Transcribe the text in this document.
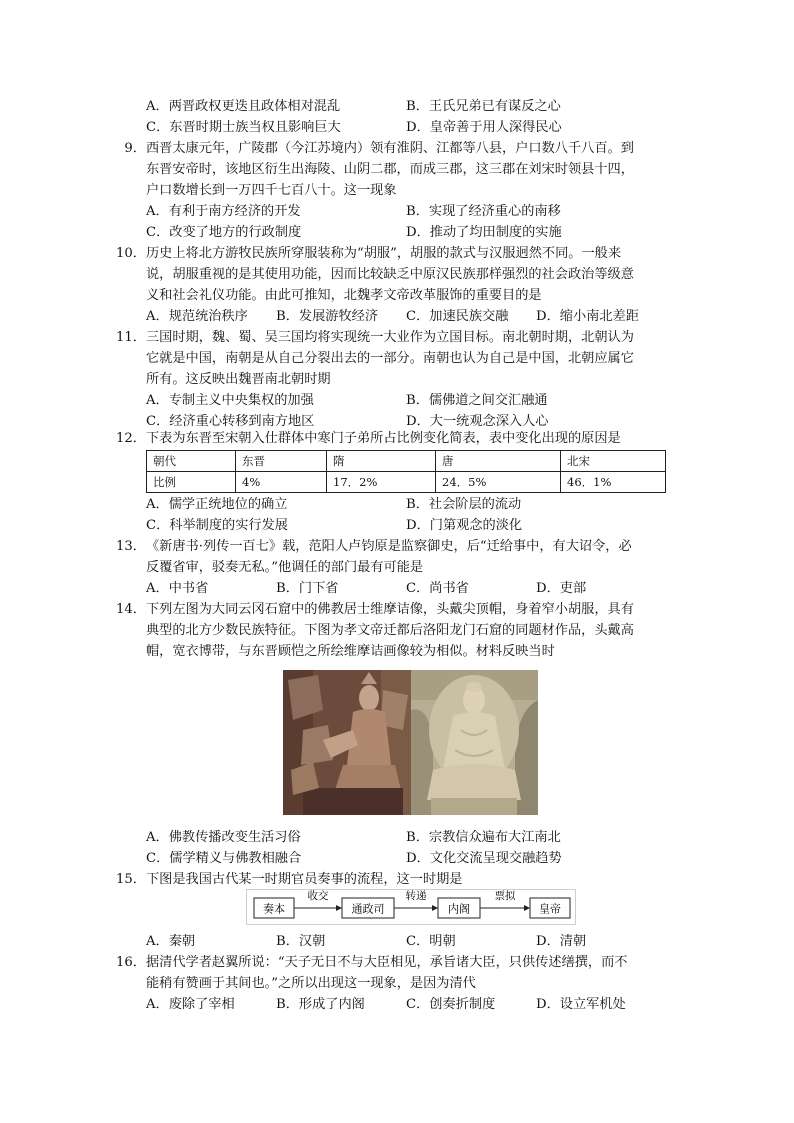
A．两晋政权更迭且政体相对混乱	B．王氏兄弟已有谋反之心
C．东晋时期士族当权且影响巨大	D．皇帝善于用人深得民心
9． 西晋太康元年，广陵郡（今江苏境内）领有淮阴、江都等八县，户口数八千八百。到
东晋安帝时，该地区衍生出海陵、山阴二郡，而成三郡，这三郡在刘宋时领县十四，
户口数增长到一万四千七百八十。这一现象
A．有利于南方经济的开发	B．实现了经济重心的南移
C．改变了地方的行政制度	D．推动了均田制度的实施
10． 历史上将北方游牧民族所穿服装称为“胡服”，胡服的款式与汉服迥然不同。一般来
说，胡服重视的是其使用功能，因而比较缺乏中原汉民族那样强烈的社会政治等级意
义和社会礼仪功能。由此可推知，北魏孝文帝改革服饰的重要目的是
A．规范统治秩序 B．发展游牧经济 C．加速民族交融 D．缩小南北差距
11． 三国时期，魏、蜀、吴三国均将实现统一大业作为立国目标。南北朝时期，北朝认为
它就是中国，南朝是从自己分裂出去的一部分。南朝也认为自己是中国，北朝应属它
所有。这反映出魏晋南北朝时期
A．专制主义中央集权的加强	B．儒佛道之间交汇融通
C．经济重心转移到南方地区	D．大一统观念深入人心
12． 下表为东晋至宋朝入仕群体中寒门子弟所占比例变化简表，表中变化出现的原因是
朝代	东晋	隋	唐	北宋
比例	4%	17．2%	24．5%	46．1%
A．儒学正统地位的确立	B．社会阶层的流动
C．科举制度的实行发展	D．门第观念的淡化
13． 《新唐书·列传一百七》载，范阳人卢钧原是监察御史，后“迁给事中，有大诏令，必
反覆省审，驳奏无私。”他调任的部门最有可能是
A．中书省	B．门下省	C．尚书省	D．吏部
14． 下列左图为大同云冈石窟中的佛教居士维摩诘像，头戴尖顶帽，身着窄小胡服，具有
典型的北方少数民族特征。下图为孝文帝迁都后洛阳龙门石窟的同题材作品，头戴高
帽，宽衣博带，与东晋顾恺之所绘维摩诘画像较为相似。材料反映当时
A．佛教传播改变生活习俗	B．宗教信众遍布大江南北
C．儒学精义与佛教相融合	D．文化交流呈现交融趋势
15． 下图是我国古代某一时期官员奏事的流程，这一时期是
奏本	通政司	内阁	皇帝
收交	转递	票拟
A．秦朝	B．汉朝	C．明朝	D．清朝
16． 据清代学者赵翼所说：“天子无日不与大臣相见，承旨诸大臣，只供传述缮撰，而不
能稍有赞画于其间也。”之所以出现这一现象，是因为清代
A．废除了宰相	B．形成了内阁	C．创奏折制度	D．设立军机处
